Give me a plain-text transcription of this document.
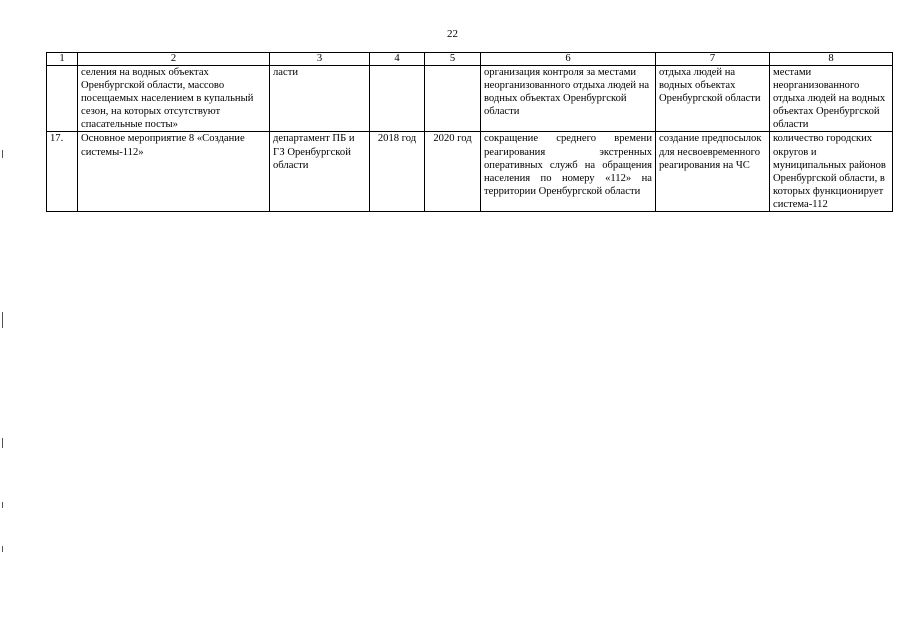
22
1	2	3	4	5	6	7	8
	селения на водных объектах Оренбургской области, массово посещаемых населением в купальный сезон, на которых отсутствуют спасательные посты»	ласти			организация контроля за местами неорганизованного отдыха людей на водных объектах Оренбургской области	отдыха людей на водных объектах Оренбургской области	местами неорганизованного отдыха людей на водных объектах Оренбургской области
17.	Основное мероприятие 8 «Создание системы-112»	департамент ПБ и ГЗ Оренбургской области	2018 год	2020 год	сокращение среднего времени реагирования экстренных оперативных служб на обращения населения по номеру «112» на территории Оренбургской области	создание предпосылок для несвоевременного реагирования на ЧС	количество городских округов и муниципальных районов Оренбургской области, в которых функционирует система-112
